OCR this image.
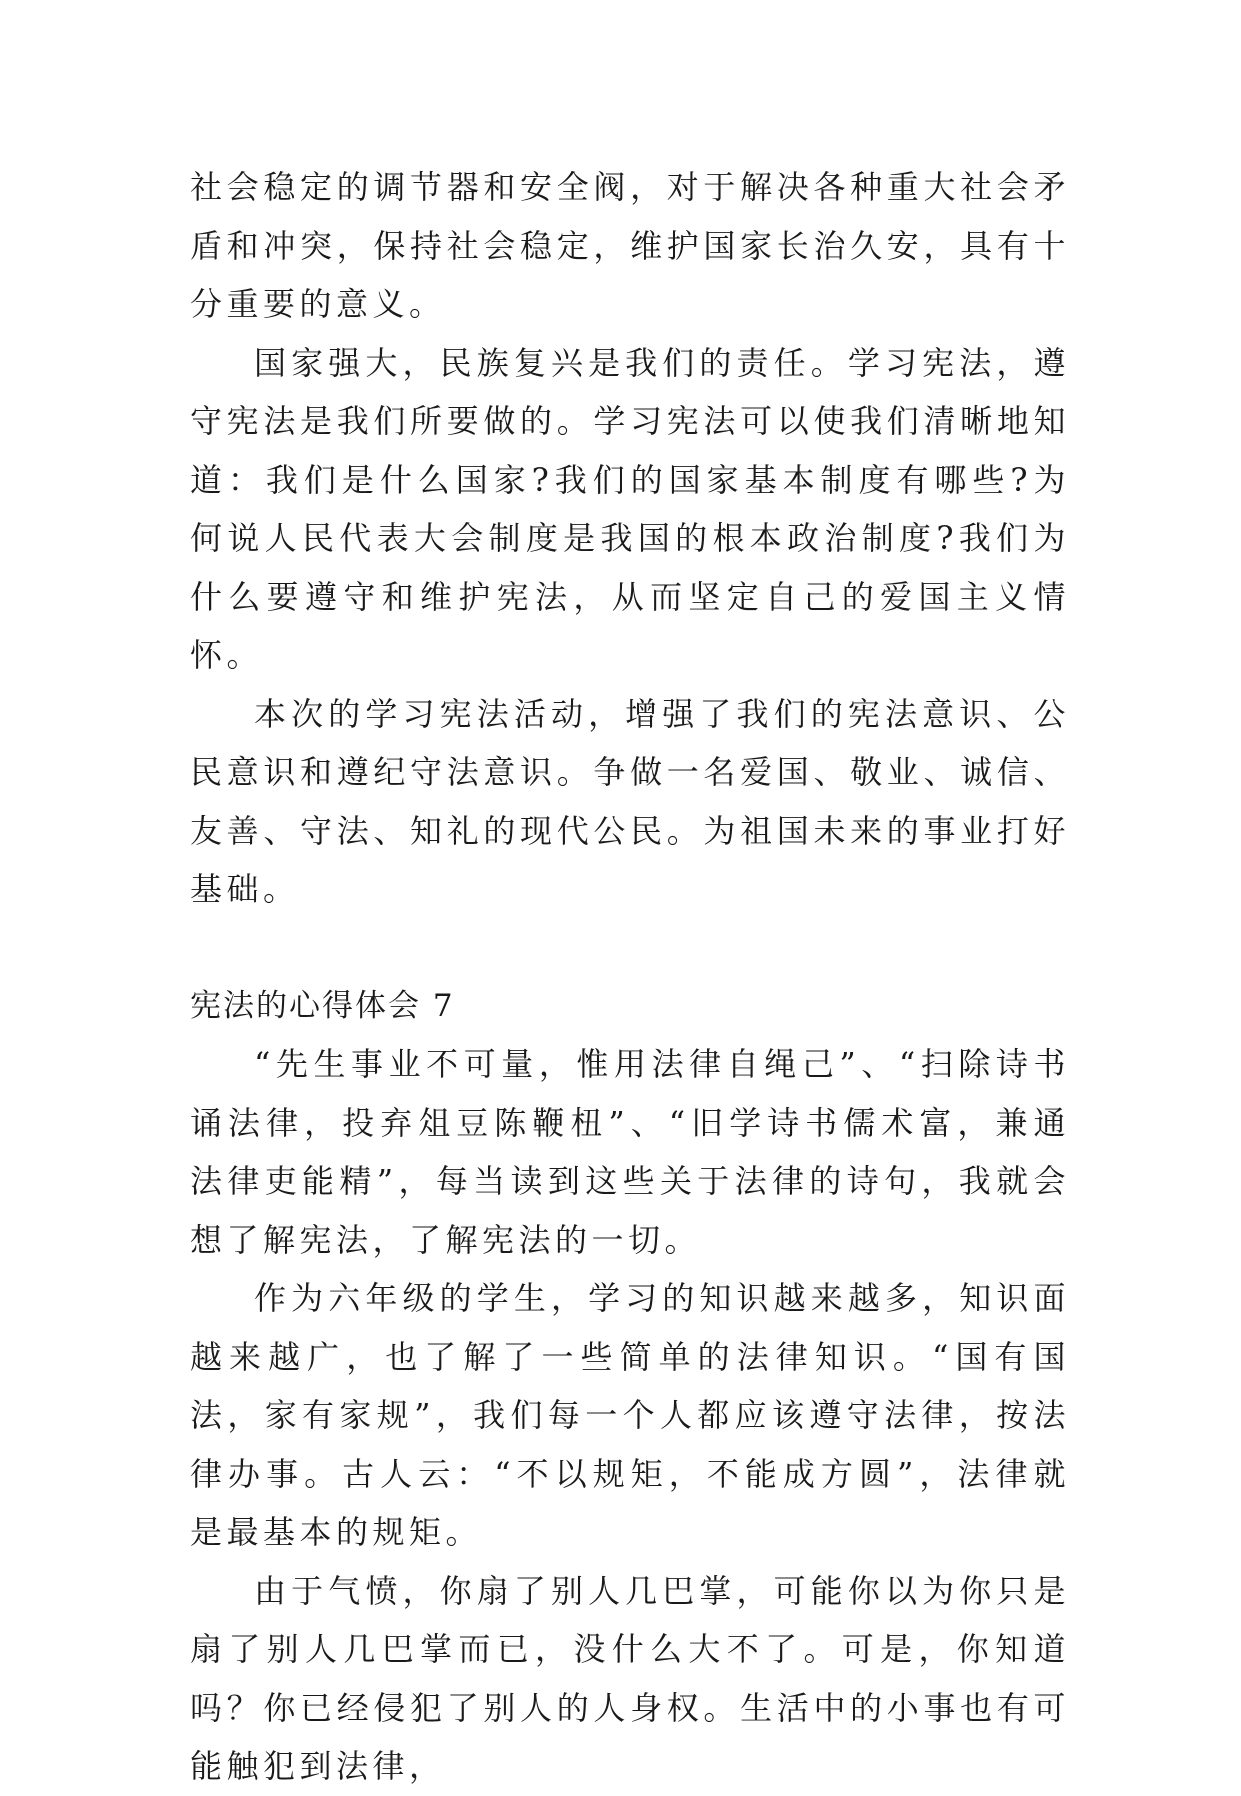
社会稳定的调节器和安全阀，对于解决各种重大社会矛盾和冲突，保持社会稳定，维护国家长治久安，具有十分重要的意义。

国家强大，民族复兴是我们的责任。学习宪法，遵守宪法是我们所要做的。学习宪法可以使我们清晰地知道：我们是什么国家?我们的国家基本制度有哪些?为何说人民代表大会制度是我国的根本政治制度?我们为什么要遵守和维护宪法，从而坚定自己的爱国主义情怀。

本次的学习宪法活动，增强了我们的宪法意识、公民意识和遵纪守法意识。争做一名爱国、敬业、诚信、友善、守法、知礼的现代公民。为祖国未来的事业打好基础。

宪法的心得体会 7

“先生事业不可量，惟用法律自绳己”、“扫除诗书诵法律，投弃俎豆陈鞭杻”、“旧学诗书儒术富，兼通法律吏能精”，每当读到这些关于法律的诗句，我就会想了解宪法，了解宪法的一切。

作为六年级的学生，学习的知识越来越多，知识面越来越广，也了解了一些简单的法律知识。“国有国法，家有家规”，我们每一个人都应该遵守法律，按法律办事。古人云：“不以规矩，不能成方圆”，法律就是最基本的规矩。

由于气愤，你扇了别人几巴掌，可能你以为你只是扇了别人几巴掌而已，没什么大不了。可是，你知道吗？你已经侵犯了别人的人身权。生活中的小事也有可能触犯到法律，
